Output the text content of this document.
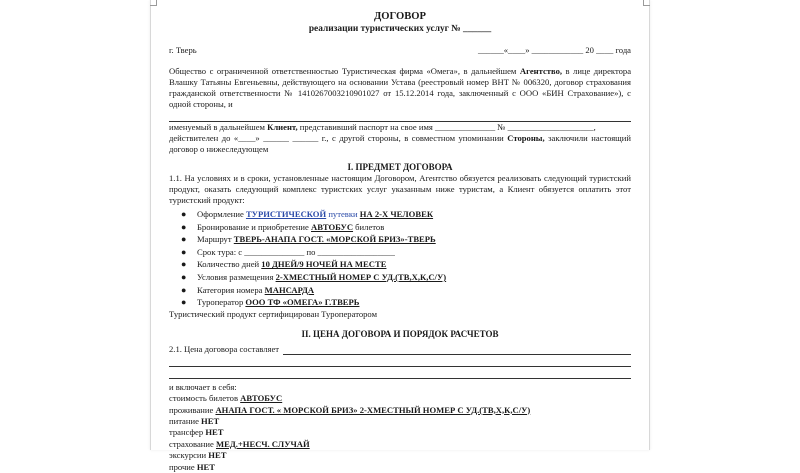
ДОГОВОР
реализации туристических услуг № ______
г. Тверь	______«____» ____________ 20 ____ года
Общество с ограниченной ответственностью Туристическая фирма «Омега», в дальнейшем Агентство, в лице директора Влашку Татьяны Евгеньевны, действующего на основании Устава (реестровый номер ВНТ № 006320, договор страхования гражданской ответственности № 1410267003210901027 от 15.12.2014 года, заключенный с ООО «БИН Страхование»), с одной стороны, и
именуемый в дальнейшем Клиент, представивший паспорт на свое имя ______________ № ____________________,
действителен до «____» ______ ______ г., с другой стороны, в совместном упоминании Стороны, заключили настоящий договор о нижеследующем
I. ПРЕДМЕТ ДОГОВОРА
1.1. На условиях и в сроки, установленные настоящим Договором, Агентство обязуется реализовать следующий туристский продукт, оказать следующий комплекс туристских услуг указанным ниже туристам, а Клиент обязуется оплатить этот туристский продукт:
●	Оформление ТУРИСТИЧЕСКОЙ путевки НА 2-Х ЧЕЛОВЕК
●	Бронирование и приобретение АВТОБУС билетов
●	Маршрут ТВЕРЬ-АНАПА ГОСТ. «МОРСКОЙ БРИЗ»-ТВЕРЬ
●	Срок тура: с ______________ по __________________
●	Количество дней 10 ДНЕЙ/9 НОЧЕЙ НА МЕСТЕ
●	Условия размещения 2-ХМЕСТНЫЙ НОМЕР С УД.(ТВ,Х,К,С/У)
●	Категория номера МАНСАРДА
●	Туроператор ООО ТФ «ОМЕГА» Г.ТВЕРЬ
Туристический продукт сертифицирован Туроператором
II. ЦЕНА ДОГОВОРА И ПОРЯДОК РАСЧЕТОВ
2.1. Цена договора составляет
и включает в себя:
стоимость билетов АВТОБУС
проживание АНАПА ГОСТ. « МОРСКОЙ БРИЗ» 2-ХМЕСТНЫЙ НОМЕР С УД.(ТВ,Х,К,С/У)
питание НЕТ
трансфер НЕТ
страхование МЕД.+НЕСЧ. СЛУЧАЙ
экскурсии НЕТ
прочие НЕТ
